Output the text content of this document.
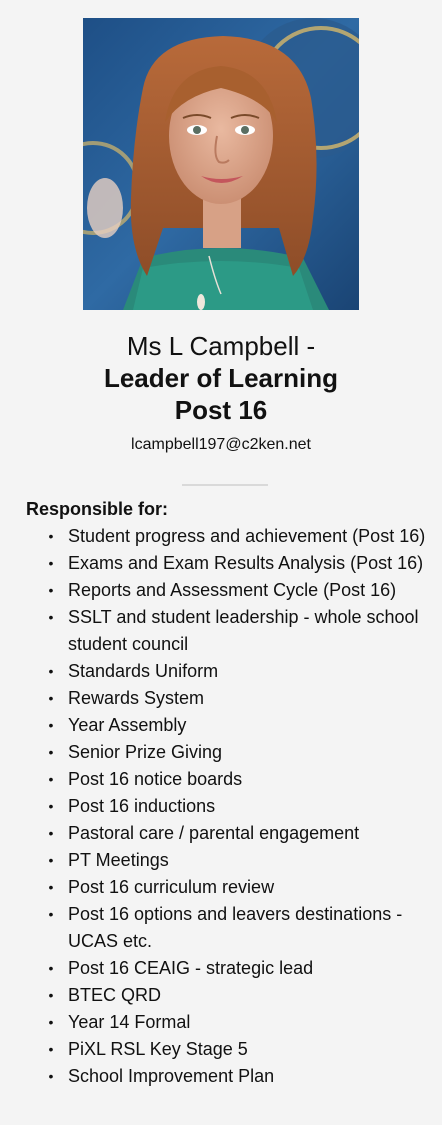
Ms L Campbell -
Leader of Learning
Post 16
lcampbell197@c2ken.net
Responsible for:
• Student progress and achievement (Post 16)
• Exams and Exam Results Analysis (Post 16)
• Reports and Assessment Cycle (Post 16)
• SSLT and student leadership - whole school student council
• Standards Uniform
• Rewards System
• Year Assembly
• Senior Prize Giving
• Post 16 notice boards
• Post 16 inductions
• Pastoral care / parental engagement
• PT Meetings
• Post 16 curriculum review
• Post 16 options and leavers destinations - UCAS etc.
• Post 16 CEAIG - strategic lead
• BTEC QRD
• Year 14 Formal
• PiXL RSL Key Stage 5
• School Improvement Plan
